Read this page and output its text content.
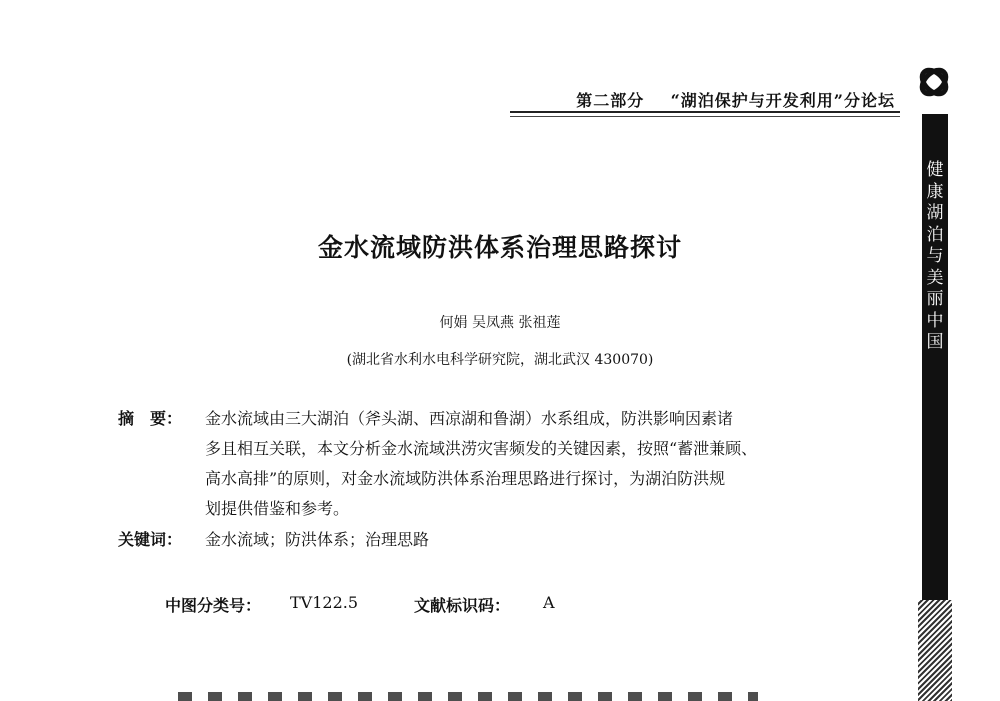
第二部分 “湖泊保护与开发利用”分论坛
健
康
湖
泊
与
美
丽
中
国
金水流域防洪体系治理思路探讨
何娟 吴凤燕 张祖莲
(湖北省水利水电科学研究院，湖北武汉 430070)
摘　要： 金水流域由三大湖泊（斧头湖、西凉湖和鲁湖）水系组成，防洪影响因素诸
多且相互关联，本文分析金水流域洪涝灾害频发的关键因素，按照“蓄泄兼顾、
高水高排”的原则，对金水流域防洪体系治理思路进行探讨，为湖泊防洪规
划提供借鉴和参考。
关键词： 金水流域；防洪体系；治理思路
中图分类号： TV122.5	文献标识码： A
